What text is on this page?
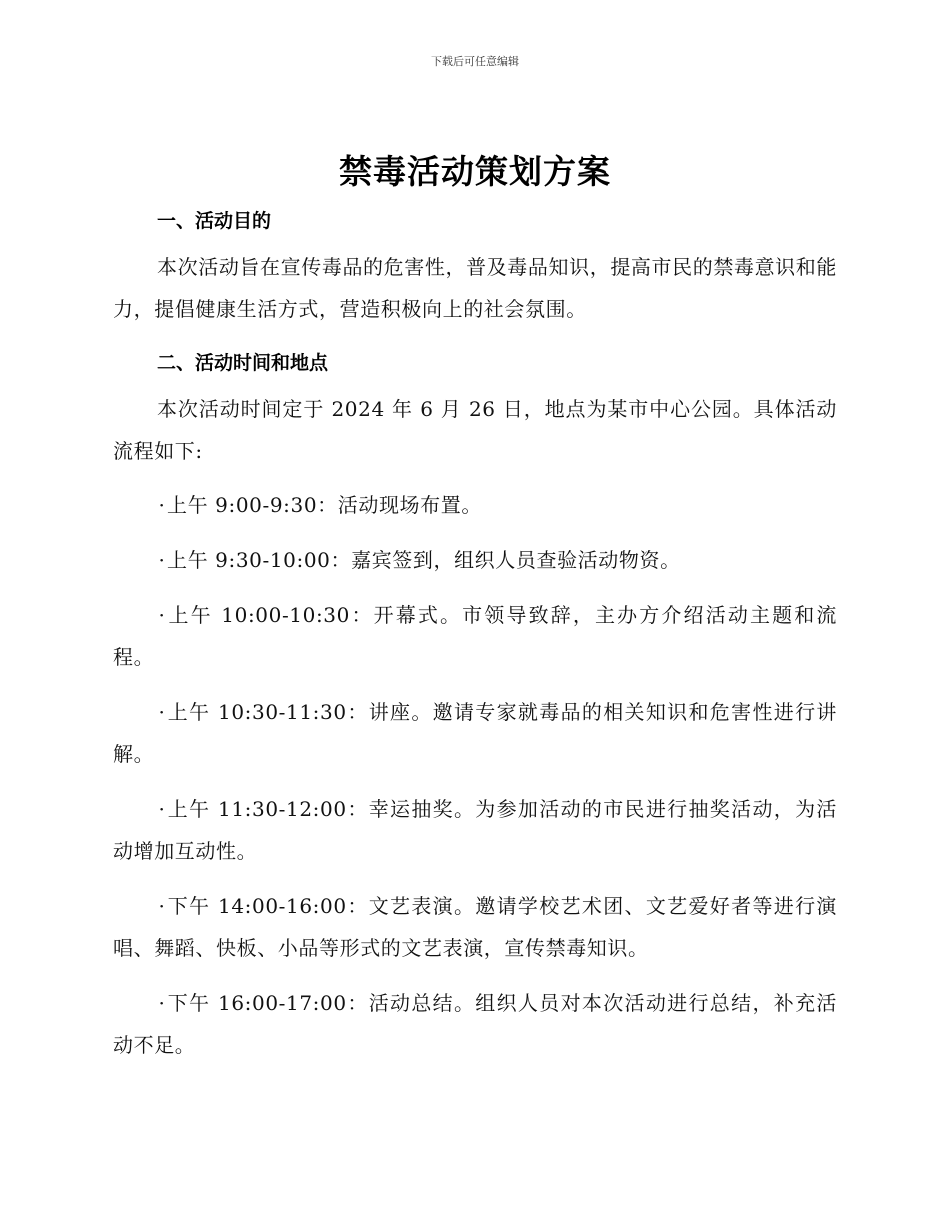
下载后可任意编辑
禁毒活动策划方案
一、活动目的

本次活动旨在宣传毒品的危害性，普及毒品知识，提高市民的禁毒意识和能力，提倡健康生活方式，营造积极向上的社会氛围。

二、活动时间和地点

本次活动时间定于 2024 年 6 月 26 日，地点为某市中心公园。具体活动流程如下:

·上午 9:00-9:30：活动现场布置。

·上午 9:30-10:00：嘉宾签到，组织人员查验活动物资。

·上午 10:00-10:30：开幕式。市领导致辞，主办方介绍活动主题和流程。

·上午 10:30-11:30：讲座。邀请专家就毒品的相关知识和危害性进行讲解。

·上午 11:30-12:00：幸运抽奖。为参加活动的市民进行抽奖活动，为活动增加互动性。

·下午 14:00-16:00：文艺表演。邀请学校艺术团、文艺爱好者等进行演唱、舞蹈、快板、小品等形式的文艺表演，宣传禁毒知识。

·下午 16:00-17:00：活动总结。组织人员对本次活动进行总结，补充活动不足。
